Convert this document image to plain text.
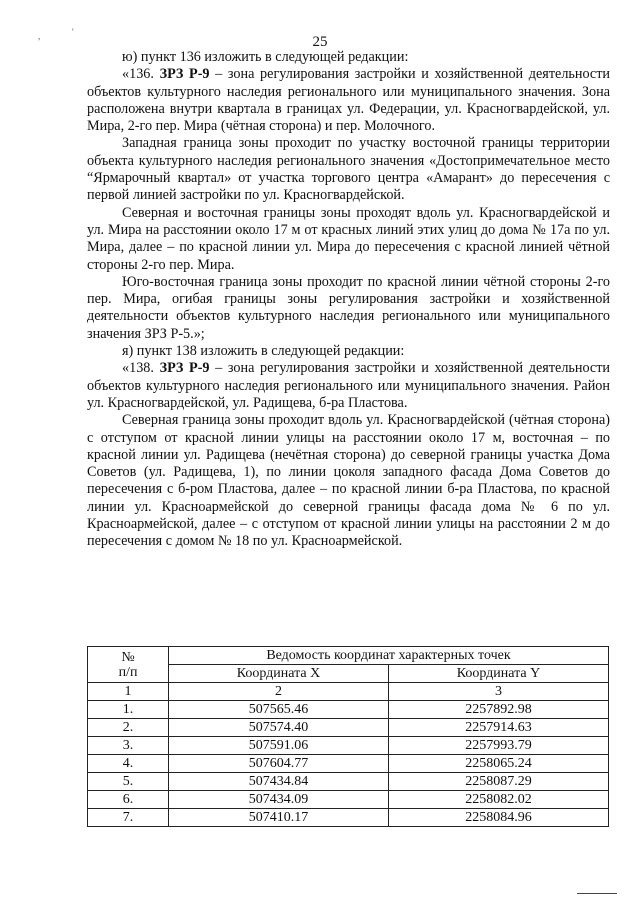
,	'
25

ю) пункт 136 изложить в следующей редакции:

«136. ЗРЗ Р-9 – зона регулирования застройки и хозяйственной деятельности объектов культурного наследия регионального или муниципального значения. Зона расположена внутри квартала в границах ул. Федерации, ул. Красногвардейской, ул. Мира, 2-го пер. Мира (чётная сторона) и пер. Молочного.

Западная граница зоны проходит по участку восточной границы территории объекта культурного наследия регионального значения «Достопримечательное место “Ярмарочный квартал» от участка торгового центра «Амарант» до пересечения с первой линией застройки по ул. Красногвардейской.

Северная и восточная границы зоны проходят вдоль ул. Красногвардейской и ул. Мира на расстоянии около 17 м от красных линий этих улиц до дома № 17а по ул. Мира, далее – по красной линии ул. Мира до пересечения с красной линией чётной стороны 2-го пер. Мира.

Юго-восточная граница зоны проходит по красной линии чётной стороны 2-го пер. Мира, огибая границы зоны регулирования застройки и хозяйственной деятельности объектов культурного наследия регионального или муниципального значения ЗРЗ Р-5.»;

я) пункт 138 изложить в следующей редакции:

«138. ЗРЗ Р-9 – зона регулирования застройки и хозяйственной деятельности объектов культурного наследия регионального или муниципального значения. Район ул. Красногвардейской, ул. Радищева, б-ра Пластова.

Северная граница зоны проходит вдоль ул. Красногвардейской (чётная сторона) с отступом от красной линии улицы на расстоянии около 17 м, восточная – по красной линии ул. Радищева (нечётная сторона) до северной границы участка Дома Советов (ул. Радищева, 1), по линии цоколя западного фасада Дома Советов до пересечения с б-ром Пластова, далее – по красной линии б-ра Пластова, по красной линии ул. Красноармейской до северной границы фасада дома № 6 по ул. Красноармейской, далее – с отступом от красной линии улицы на расстоянии 2 м до пересечения с домом № 18 по ул. Красноармейской.

№
п/п	Ведомость координат характерных точек	
	Координата X	Координата Y
1	2	3
1.	507565.46	2257892.98
2.	507574.40	2257914.63
3.	507591.06	2257993.79
4.	507604.77	2258065.24
5.	507434.84	2258087.29
6.	507434.09	2258082.02
7.	507410.17	2258084.96
